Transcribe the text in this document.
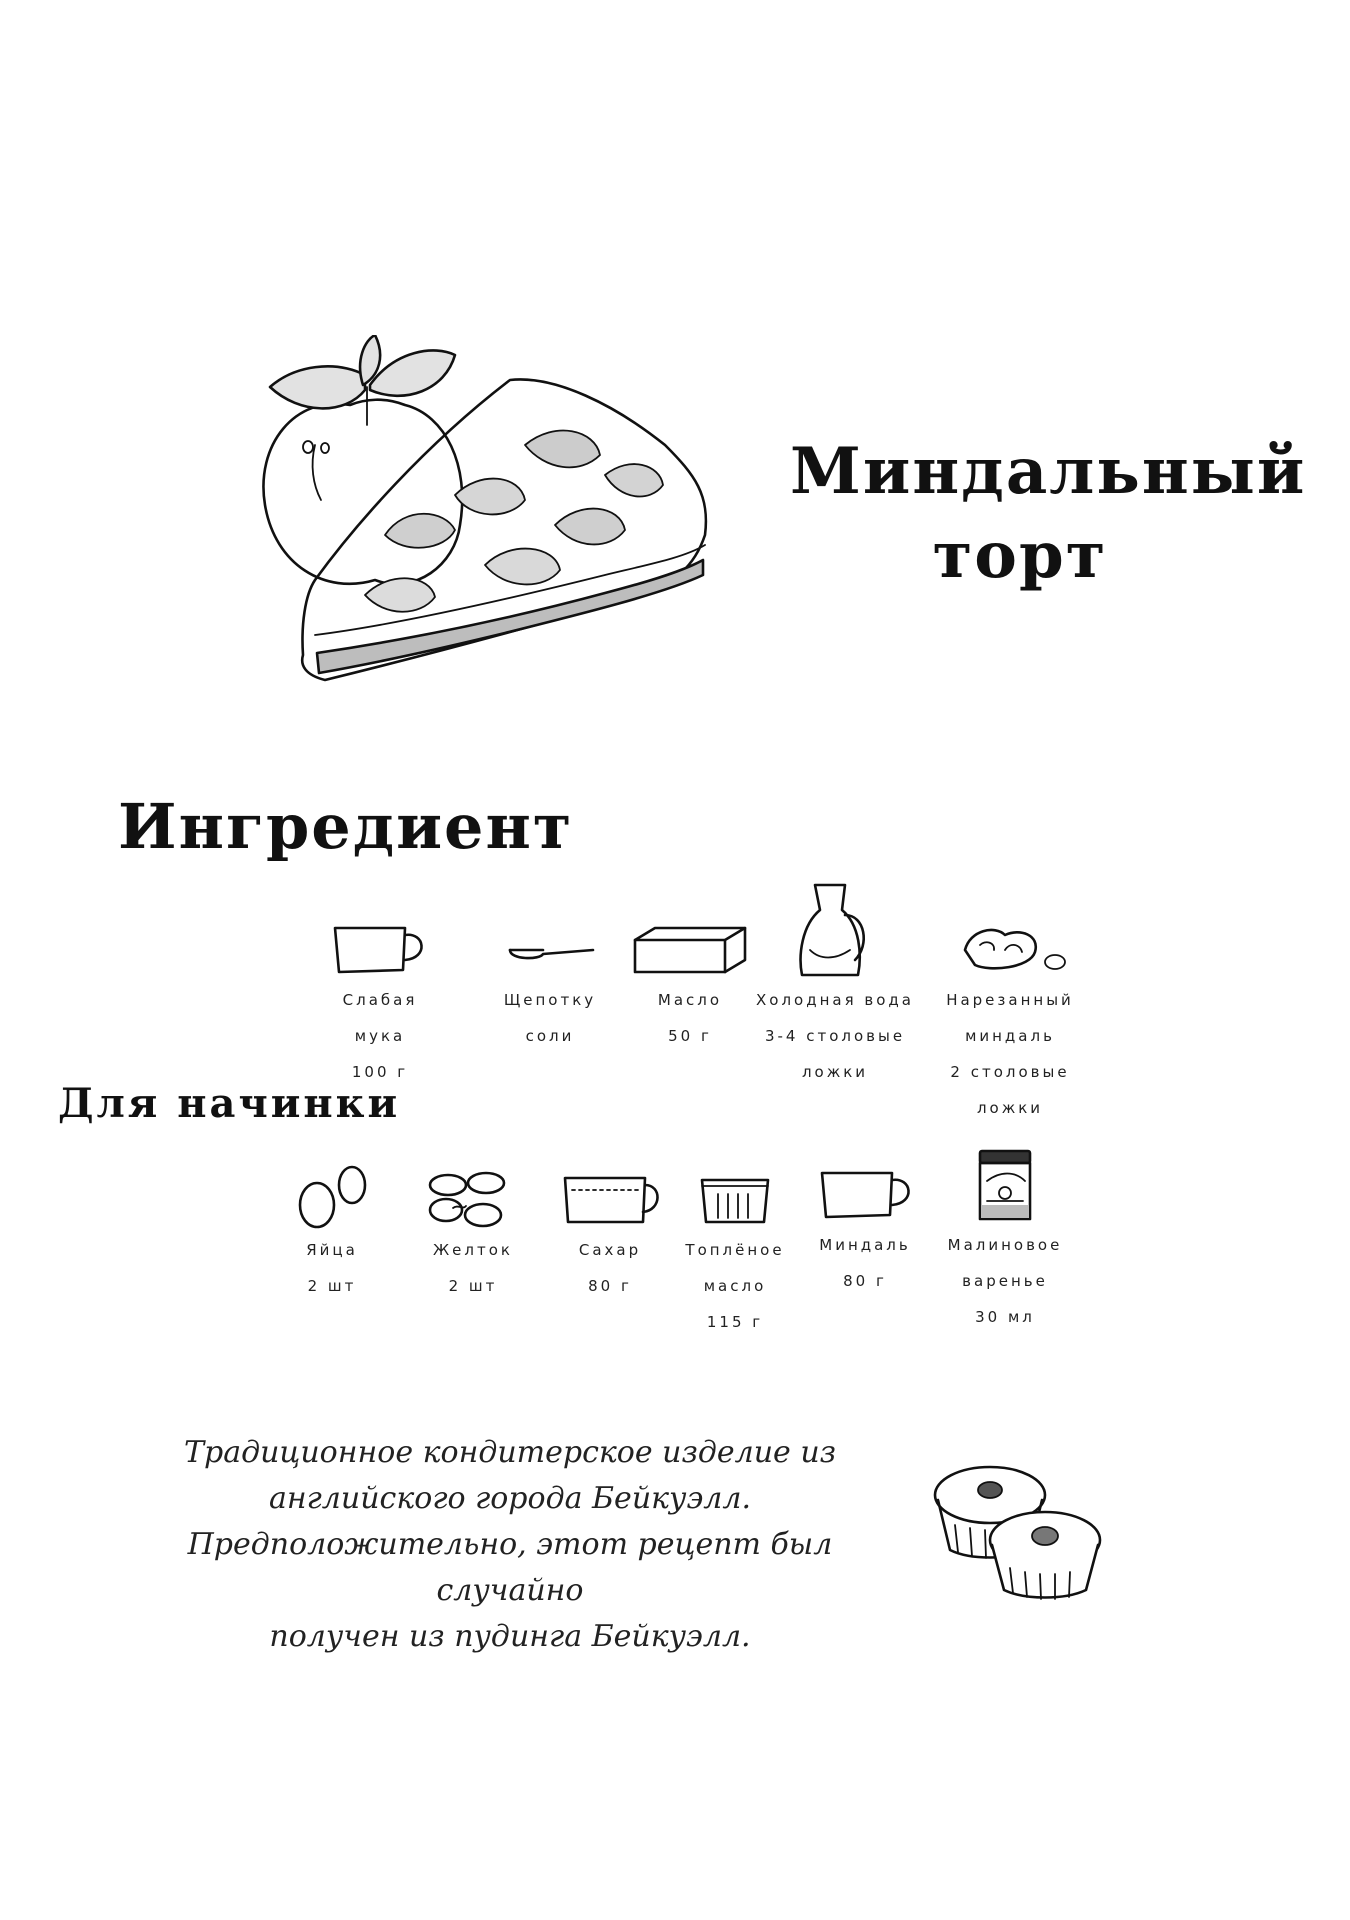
Миндальный
торт
Ингредиент
Слабая
мука
100 г
Щепотку
соли
Масло
50 г
Холодная вода
3-4 столовые
ложки
Нарезанный
миндаль
2 столовые
ложки
Для начинки
Яйца
2 шт
Желток
2 шт
Сахар
80 г
Топлёное
масло
115 г
Миндаль
80 г
Малиновое
варенье
30 мл
Традиционное кондитерское изделие из
английского города Бейкуэлл.
Предположительно, этот рецепт был случайно
получен из пудинга Бейкуэлл.
